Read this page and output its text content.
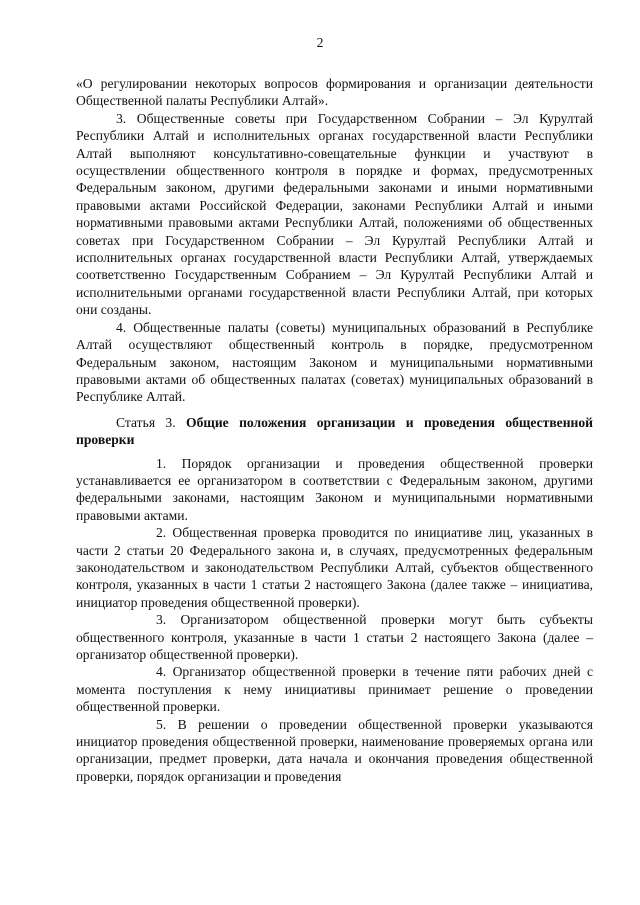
2

«О регулировании некоторых вопросов формирования и организации деятельности Общественной палаты Республики Алтай».

3. Общественные советы при Государственном Собрании – Эл Курултай Республики Алтай и исполнительных органах государственной власти Республики Алтай выполняют консультативно-совещательные функции и участвуют в осуществлении общественного контроля в порядке и формах, предусмотренных Федеральным законом, другими федеральными законами и иными нормативными правовыми актами Российской Федерации, законами Республики Алтай и иными нормативными правовыми актами Республики Алтай, положениями об общественных советах при Государственном Собрании – Эл Курултай Республики Алтай и исполнительных органах государственной власти Республики Алтай, утверждаемых соответственно Государственным Собранием – Эл Курултай Республики Алтай и исполнительными органами государственной власти Республики Алтай, при которых они созданы.

4. Общественные палаты (советы) муниципальных образований в Республике Алтай осуществляют общественный контроль в порядке, предусмотренном Федеральным законом, настоящим Законом и муниципальными нормативными правовыми актами об общественных палатах (советах) муниципальных образований в Республике Алтай.

Статья 3. Общие положения организации и проведения общественной проверки

1. Порядок организации и проведения общественной проверки устанавливается ее организатором в соответствии с Федеральным законом, другими федеральными законами, настоящим Законом и муниципальными нормативными правовыми актами.

2. Общественная проверка проводится по инициативе лиц, указанных в части 2 статьи 20 Федерального закона и, в случаях, предусмотренных федеральным законодательством и законодательством Республики Алтай, субъектов общественного контроля, указанных в части 1 статьи 2 настоящего Закона (далее также – инициатива, инициатор проведения общественной проверки).

3. Организатором общественной проверки могут быть субъекты общественного контроля, указанные в части 1 статьи 2 настоящего Закона (далее – организатор общественной проверки).

4. Организатор общественной проверки в течение пяти рабочих дней с момента поступления к нему инициативы принимает решение о проведении общественной проверки.

5. В решении о проведении общественной проверки указываются инициатор проведения общественной проверки, наименование проверяемых органа или организации, предмет проверки, дата начала и окончания проведения общественной проверки, порядок организации и проведения
